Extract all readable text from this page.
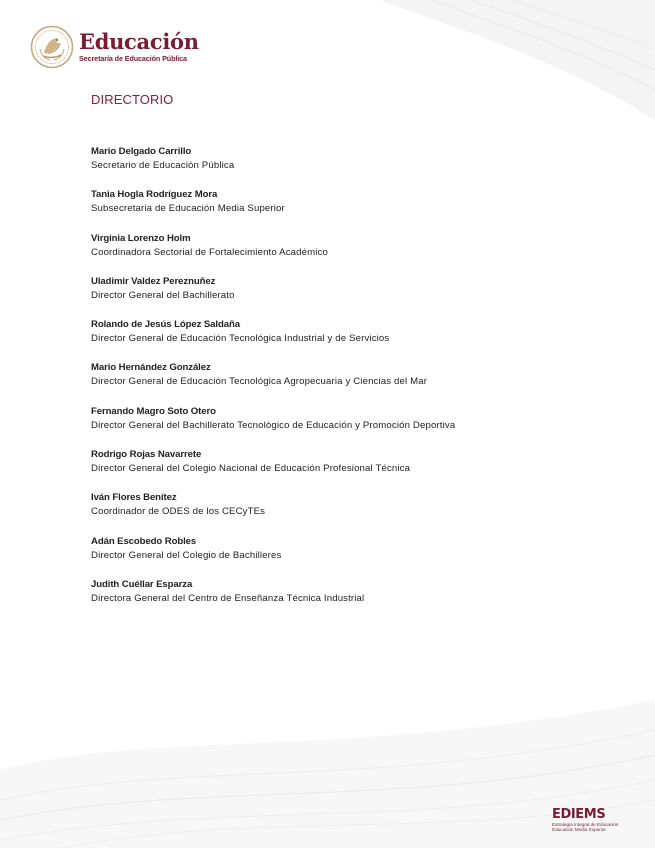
Educación
Secretaría de Educación Pública
DIRECTORIO
Mario Delgado Carrillo
Secretario de Educación Pública
Tania Hogla Rodríguez Mora
Subsecretaria de Educación Media Superior
Virginia Lorenzo Holm
Coordinadora Sectorial de Fortalecimiento Académico
Uladimir Valdez Pereznuñez
Director General del Bachillerato
Rolando de Jesús López Saldaña
Director General de Educación Tecnológica Industrial y de Servicios
Mario Hernández González
Director General de Educación Tecnológica Agropecuaria y Ciencias del Mar
Fernando Magro Soto Otero
Director General del Bachillerato Tecnológico de Educación y Promoción Deportiva
Rodrigo Rojas Navarrete
Director General del Colegio Nacional de Educación Profesional Técnica
Iván Flores Benítez
Coordinador de ODES de los CECyTEs
Adán Escobedo Robles
Director General del Colegio de Bachilleres
Judith Cuéllar Esparza
Directora General del Centro de Enseñanza Técnica Industrial
EDIEMS
Estrategia Integral de Educación
Educación Media Superior
